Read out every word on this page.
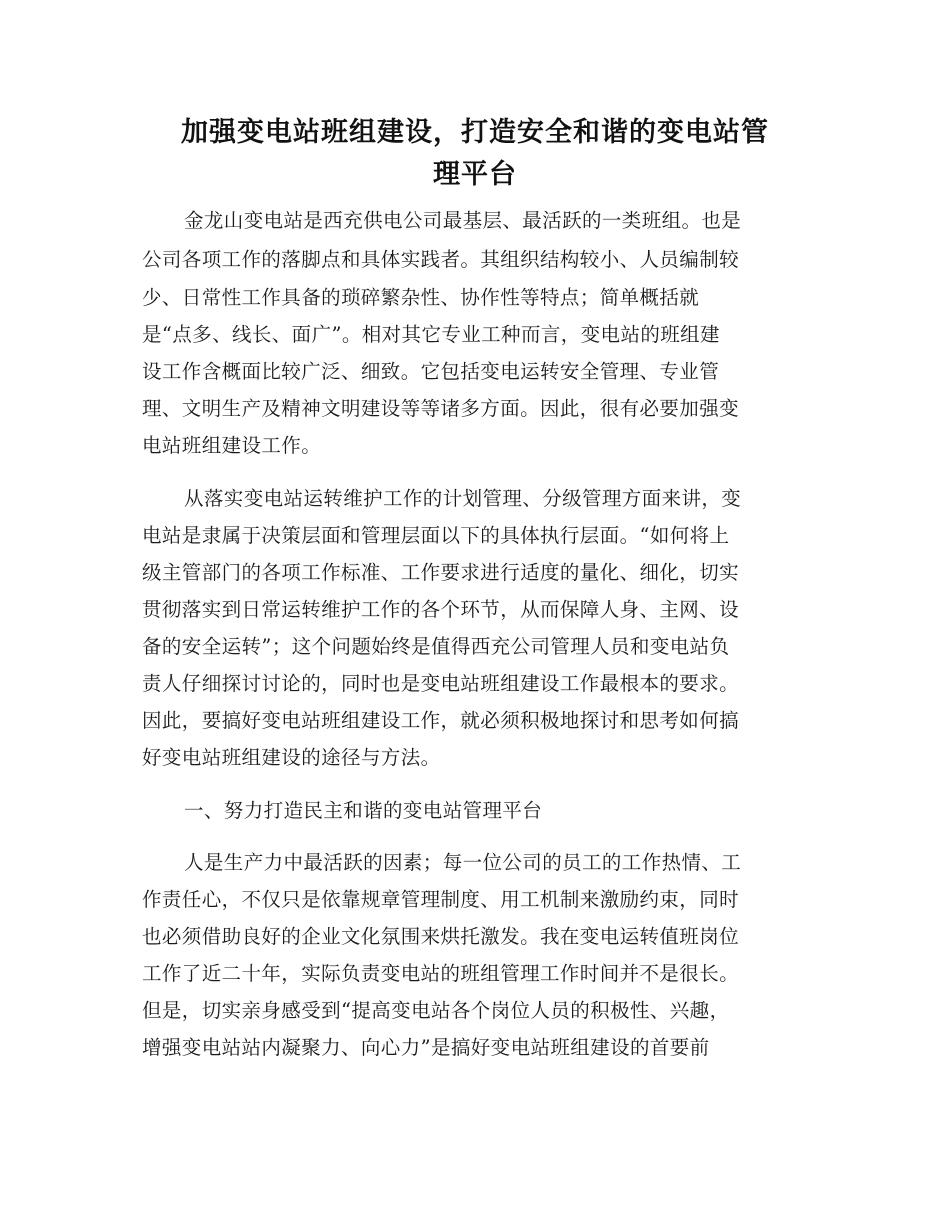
加强变电站班组建设，打造安全和谐的变电站管
理平台
金龙山变电站是西充供电公司最基层、最活跃的一类班组。也是
公司各项工作的落脚点和具体实践者。其组织结构较小、人员编制较
少、日常性工作具备的琐碎繁杂性、协作性等特点；简单概括就
是“点多、线长、面广”。相对其它专业工种而言，变电站的班组建
设工作含概面比较广泛、细致。它包括变电运转安全管理、专业管
理、文明生产及精神文明建设等等诸多方面。因此，很有必要加强变
电站班组建设工作。
从落实变电站运转维护工作的计划管理、分级管理方面来讲，变
电站是隶属于决策层面和管理层面以下的具体执行层面。“如何将上
级主管部门的各项工作标准、工作要求进行适度的量化、细化，切实
贯彻落实到日常运转维护工作的各个环节，从而保障人身、主网、设
备的安全运转”；这个问题始终是值得西充公司管理人员和变电站负
责人仔细探讨讨论的，同时也是变电站班组建设工作最根本的要求。
因此，要搞好变电站班组建设工作，就必须积极地探讨和思考如何搞
好变电站班组建设的途径与方法。
一、努力打造民主和谐的变电站管理平台
人是生产力中最活跃的因素；每一位公司的员工的工作热情、工
作责任心，不仅只是依靠规章管理制度、用工机制来激励约束，同时
也必须借助良好的企业文化氛围来烘托激发。我在变电运转值班岗位
工作了近二十年，实际负责变电站的班组管理工作时间并不是很长。
但是，切实亲身感受到“提高变电站各个岗位人员的积极性、兴趣，
增强变电站站内凝聚力、向心力”是搞好变电站班组建设的首要前
